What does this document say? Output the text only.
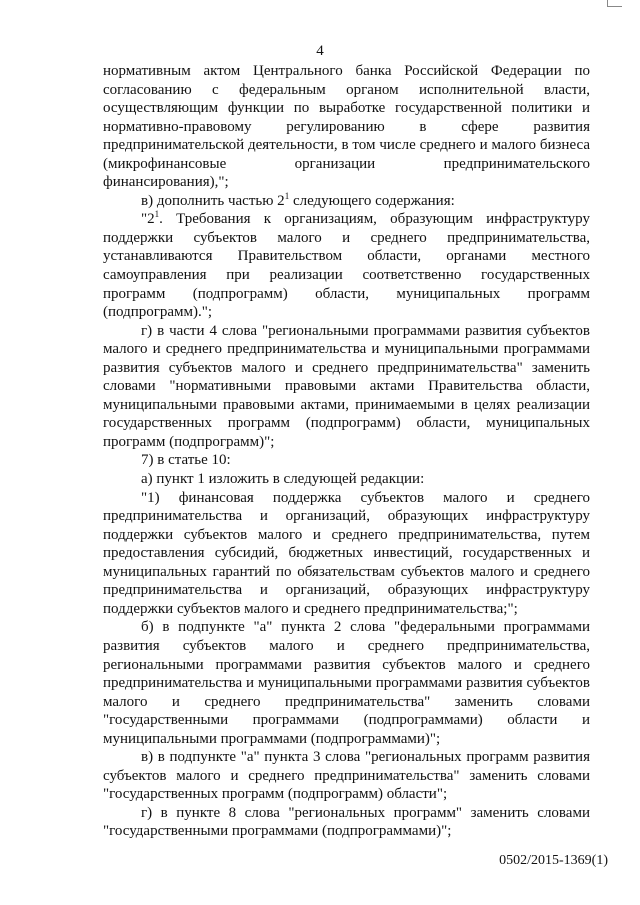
4

нормативным актом Центрального банка Российской Федерации по согласованию с федеральным органом исполнительной власти, осуществляющим функции по выработке государственной политики и нормативно-правовому регулированию в сфере развития предпринимательской деятельности, в том числе среднего и малого бизнеса (микрофинансовые организации предпринимательского финансирования),";

в) дополнить частью $2^1$ следующего содержания:

"$2^1$. Требования к организациям, образующим инфраструктуру поддержки субъектов малого и среднего предпринимательства, устанавливаются Правительством области, органами местного самоуправления при реализации соответственно государственных программ (подпрограмм) области, муниципальных программ (подпрограмм).";

г) в части 4 слова "региональными программами развития субъектов малого и среднего предпринимательства и муниципальными программами развития субъектов малого и среднего предпринимательства" заменить словами "нормативными правовыми актами Правительства области, муниципальными правовыми актами, принимаемыми в целях реализации государственных программ (подпрограмм) области, муниципальных программ (подпрограмм)";

7) в статье 10:

а) пункт 1 изложить в следующей редакции:

"1) финансовая поддержка субъектов малого и среднего предпринимательства и организаций, образующих инфраструктуру поддержки субъектов малого и среднего предпринимательства, путем предоставления субсидий, бюджетных инвестиций, государственных и муниципальных гарантий по обязательствам субъектов малого и среднего предпринимательства и организаций, образующих инфраструктуру поддержки субъектов малого и среднего предпринимательства;";

б) в подпункте "а" пункта 2 слова "федеральными программами развития субъектов малого и среднего предпринимательства, региональными программами развития субъектов малого и среднего предпринимательства и муниципальными программами развития субъектов малого и среднего предпринимательства" заменить словами "государственными программами (подпрограммами) области и муниципальными программами (подпрограммами)";

в) в подпункте "а" пункта 3 слова "региональных программ развития субъектов малого и среднего предпринимательства" заменить словами "государственных программ (подпрограмм) области";

г) в пункте 8 слова "региональных программ" заменить словами "государственными программами (подпрограммами)";

0502/2015-1369(1)
